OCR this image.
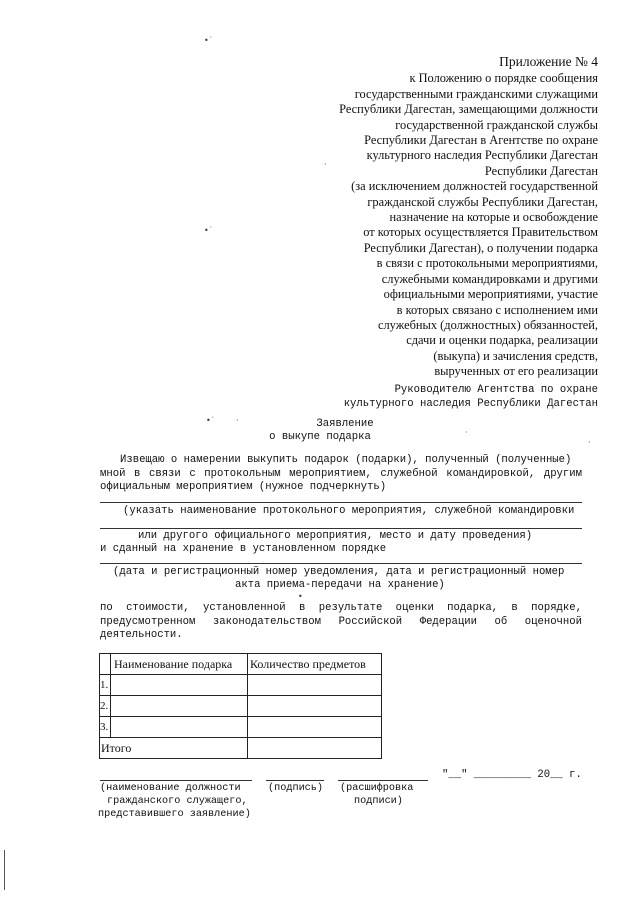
Приложение № 4
к Положению о порядке сообщения
государственными гражданскими служащими
Республики Дагестан, замещающими должности
государственной гражданской службы
Республики Дагестан в Агентстве по охране
культурного наследия Республики Дагестан
Республики Дагестан
(за исключением должностей государственной
гражданской службы Республики Дагестан,
назначение на которые и освобождение
от которых осуществляется Правительством
Республики Дагестан), о получении подарка
в связи с протокольными мероприятиями,
служебными командировками и другими
официальными мероприятиями, участие
в которых связано с исполнением ими
служебных (должностных) обязанностей,
сдачи и оценки подарка, реализации
(выкупа) и зачисления средств,
вырученных от его реализации
Руководителю Агентства по охране
культурного наследия Республики Дагестан
Заявление
о выкупе подарка
Извещаю о намерении выкупить подарок (подарки), полученный (полученные)
мной в связи с протокольным мероприятием, служебной командировкой, другим
официальным мероприятием (нужное подчеркнуть)
(указать наименование протокольного мероприятия, служебной командировки
или другого официального мероприятия, место и дату проведения)
и сданный на хранение в установленном порядке
(дата и регистрационный номер уведомления, дата и регистрационный номер
акта приема-передачи на хранение)
по стоимости, установленной в результате оценки подарка, в порядке,
предусмотренном законодательством Российской Федерации об оценочной
деятельности.
	Наименование подарка	Количество предметов
1.		
2.		
3.		
Итого		
"__" _________ 20__ г.
(наименование должности
гражданского служащего,
представившего заявление)
(подпись) (расшифровка
подписи)
•˙
•˙
•˙	·
·
·
·
•
